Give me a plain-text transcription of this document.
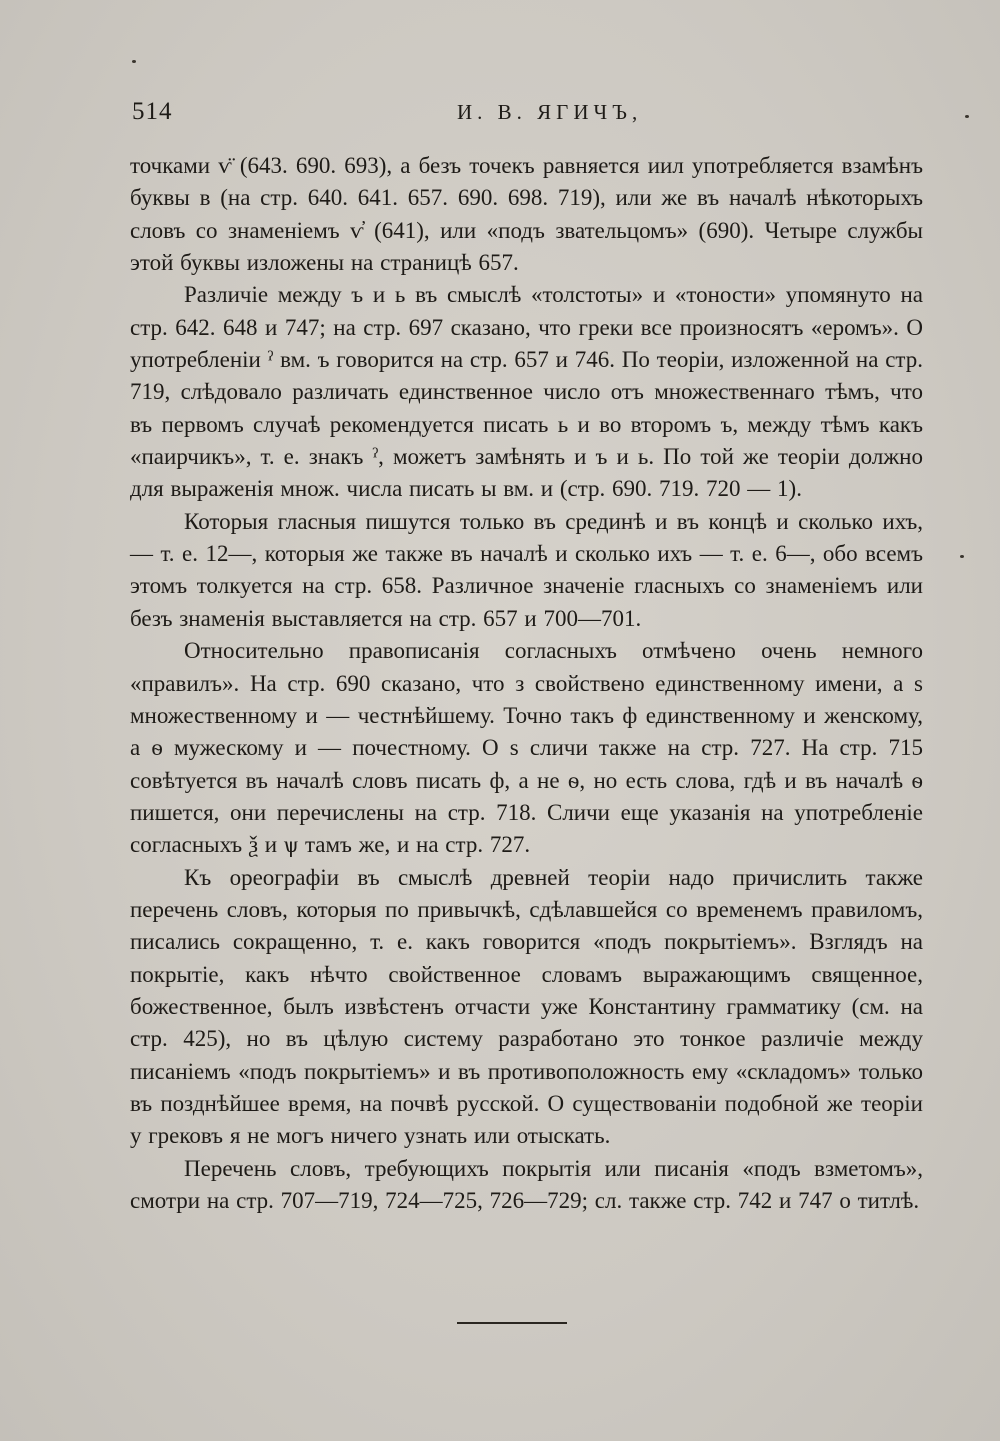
514	И. В. ЯГИЧЪ,

точками ѵ̈ (643. 690. 693), а безъ точекъ равняется иил употребляется взамѣнъ буквы в (на стр. 640. 641. 657. 690. 698. 719), или же въ началѣ нѣкоторыхъ словъ со знаменіемъ ѵ̓ (641), или «подъ звательцомъ» (690). Четыре службы этой буквы изложены на страницѣ 657.

Различіе между ъ и ь въ смыслѣ «толстоты» и «тоности» упомянуто на стр. 642. 648 и 747; на стр. 697 сказано, что греки все произносятъ «еромъ». О употребленіи ˀ вм. ъ говорится на стр. 657 и 746. По теоріи, изложенной на стр. 719, слѣдовало различать единственное число отъ множественнаго тѣмъ, что въ первомъ случаѣ рекомендуется писать ь и во второмъ ъ, между тѣмъ какъ «паирчикъ», т. е. знакъ ˀ, можетъ замѣнять и ъ и ь. По той же теоріи должно для выраженія множ. числа писать ы вм. и (стр. 690. 719. 720 — 1).

Которыя гласныя пишутся только въ срединѣ и въ концѣ и сколько ихъ, — т. е. 12—, которыя же также въ началѣ и сколько ихъ — т. е. 6—, обо всемъ этомъ толкуется на стр. 658. Различное значеніе гласныхъ со знаменіемъ или безъ знаменія выставляется на стр. 657 и 700—701.

Относительно правописанія согласныхъ отмѣчено очень немного «правилъ». На стр. 690 сказано, что з свойствено единственному имени, а ѕ множественному и — честнѣйшему. Точно такъ ф единственному и женскому, а ѳ мужескому и — почестному. О ѕ сличи также на стр. 727. На стр. 715 совѣтуется въ началѣ словъ писать ф, а не ѳ, но есть слова, гдѣ и въ началѣ ѳ пишется, они перечислены на стр. 718. Сличи еще указанія на употребленіе согласныхъ ѯ и ѱ тамъ же, и на стр. 727.

Къ ореографіи въ смыслѣ древней теоріи надо причислить также перечень словъ, которыя по привычкѣ, сдѣлавшейся со временемъ правиломъ, писались сокращенно, т. е. какъ говорится «подъ покрытіемъ». Взглядъ на покрытіе, какъ нѣчто свойственное словамъ выражающимъ священное, божественное, былъ извѣстенъ отчасти уже Константину грамматику (см. на стр. 425), но въ цѣлую систему разработано это тонкое различіе между писаніемъ «подъ покрытіемъ» и въ противоположность ему «складомъ» только въ позднѣйшее время, на почвѣ русской. О существованіи подобной же теоріи у грековъ я не могъ ничего узнать или отыскать.

Перечень словъ, требующихъ покрытія или писанія «подъ взметомъ», смотри на стр. 707—719, 724—725, 726—729; сл. также стр. 742 и 747 о титлѣ.
